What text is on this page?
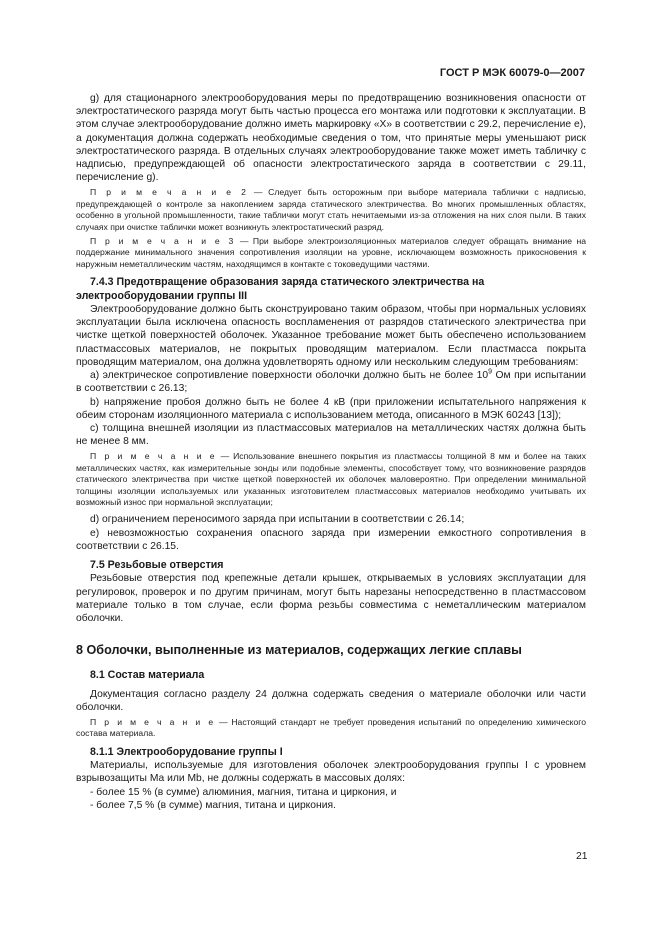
ГОСТ Р МЭК 60079-0—2007

g) для стационарного электрооборудования меры по предотвращению возникновения опасности от электростатического разряда могут быть частью процесса его монтажа или подготовки к эксплуатации. В этом случае электрооборудование должно иметь маркировку «Х» в соответствии с 29.2, перечисление е), а документация должна содержать необходимые сведения о том, что принятые меры уменьшают риск электростатического разряда. В отдельных случаях электрооборудование также может иметь табличку с надписью, предупреждающей об опасности электростатического заряда в соответствии с 29.11, перечисление g).

П р и м е ч а н и е 2 — Следует быть осторожным при выборе материала таблички с надписью, предупреждающей о контроле за накоплением заряда статического электричества. Во многих промышленных областях, особенно в угольной промышленности, такие таблички могут стать нечитаемыми из-за отложения на них слоя пыли. В таких случаях при очистке таблички может возникнуть электростатический разряд.

П р и м е ч а н и е 3 — При выборе электроизоляционных материалов следует обращать внимание на поддержание минимального значения сопротивления изоляции на уровне, исключающем возможность прикосновения к наружным неметаллическим частям, находящимся в контакте с токоведущими частями.

7.4.3 Предотвращение образования заряда статического электричества на электрооборудовании группы III

Электрооборудование должно быть сконструировано таким образом, чтобы при нормальных условиях эксплуатации была исключена опасность воспламенения от разрядов статического электричества при чистке щеткой поверхностей оболочек. Указанное требование может быть обеспечено использованием пластмассовых материалов, не покрытых проводящим материалом. Если пластмасса покрыта проводящим материалом, она должна удовлетворять одному или нескольким следующим требованиям:

а) электрическое сопротивление поверхности оболочки должно быть не более $10^9$ Ом при испытании в соответствии с 26.13;

b) напряжение пробоя должно быть не более 4 кВ (при приложении испытательного напряжения к обеим сторонам изоляционного материала с использованием метода, описанного в МЭК 60243 [13]);

с) толщина внешней изоляции из пластмассовых материалов на металлических частях должна быть не менее 8 мм.

П р и м е ч а н и е — Использование внешнего покрытия из пластмассы толщиной 8 мм и более на таких металлических частях, как измерительные зонды или подобные элементы, способствует тому, что возникновение разрядов статического электричества при чистке щеткой поверхностей их оболочек маловероятно. При определении минимальной толщины изоляции используемых или указанных изготовителем пластмассовых материалов необходимо учитывать их возможный износ при нормальной эксплуатации;

d) ограничением переносимого заряда при испытании в соответствии с 26.14;

е) невозможностью сохранения опасного заряда при измерении емкостного сопротивления в соответствии с 26.15.

7.5 Резьбовые отверстия

Резьбовые отверстия под крепежные детали крышек, открываемых в условиях эксплуатации для регулировок, проверок и по другим причинам, могут быть нарезаны непосредственно в пластмассовом материале только в том случае, если форма резьбы совместима с неметаллическим материалом оболочки.

8 Оболочки, выполненные из материалов, содержащих легкие сплавы
8.1 Состав материала

Документация согласно разделу 24 должна содержать сведения о материале оболочки или части оболочки.

П р и м е ч а н и е — Настоящий стандарт не требует проведения испытаний по определению химического состава материала.

8.1.1 Электрооборудование группы I

Материалы, используемые для изготовления оболочек электрооборудования группы I с уровнем взрывозащиты Ма или Mb, не должны содержать в массовых долях:

- более 15 % (в сумме) алюминия, магния, титана и циркония, и
- более 7,5 % (в сумме) магния, титана и циркония.
21
